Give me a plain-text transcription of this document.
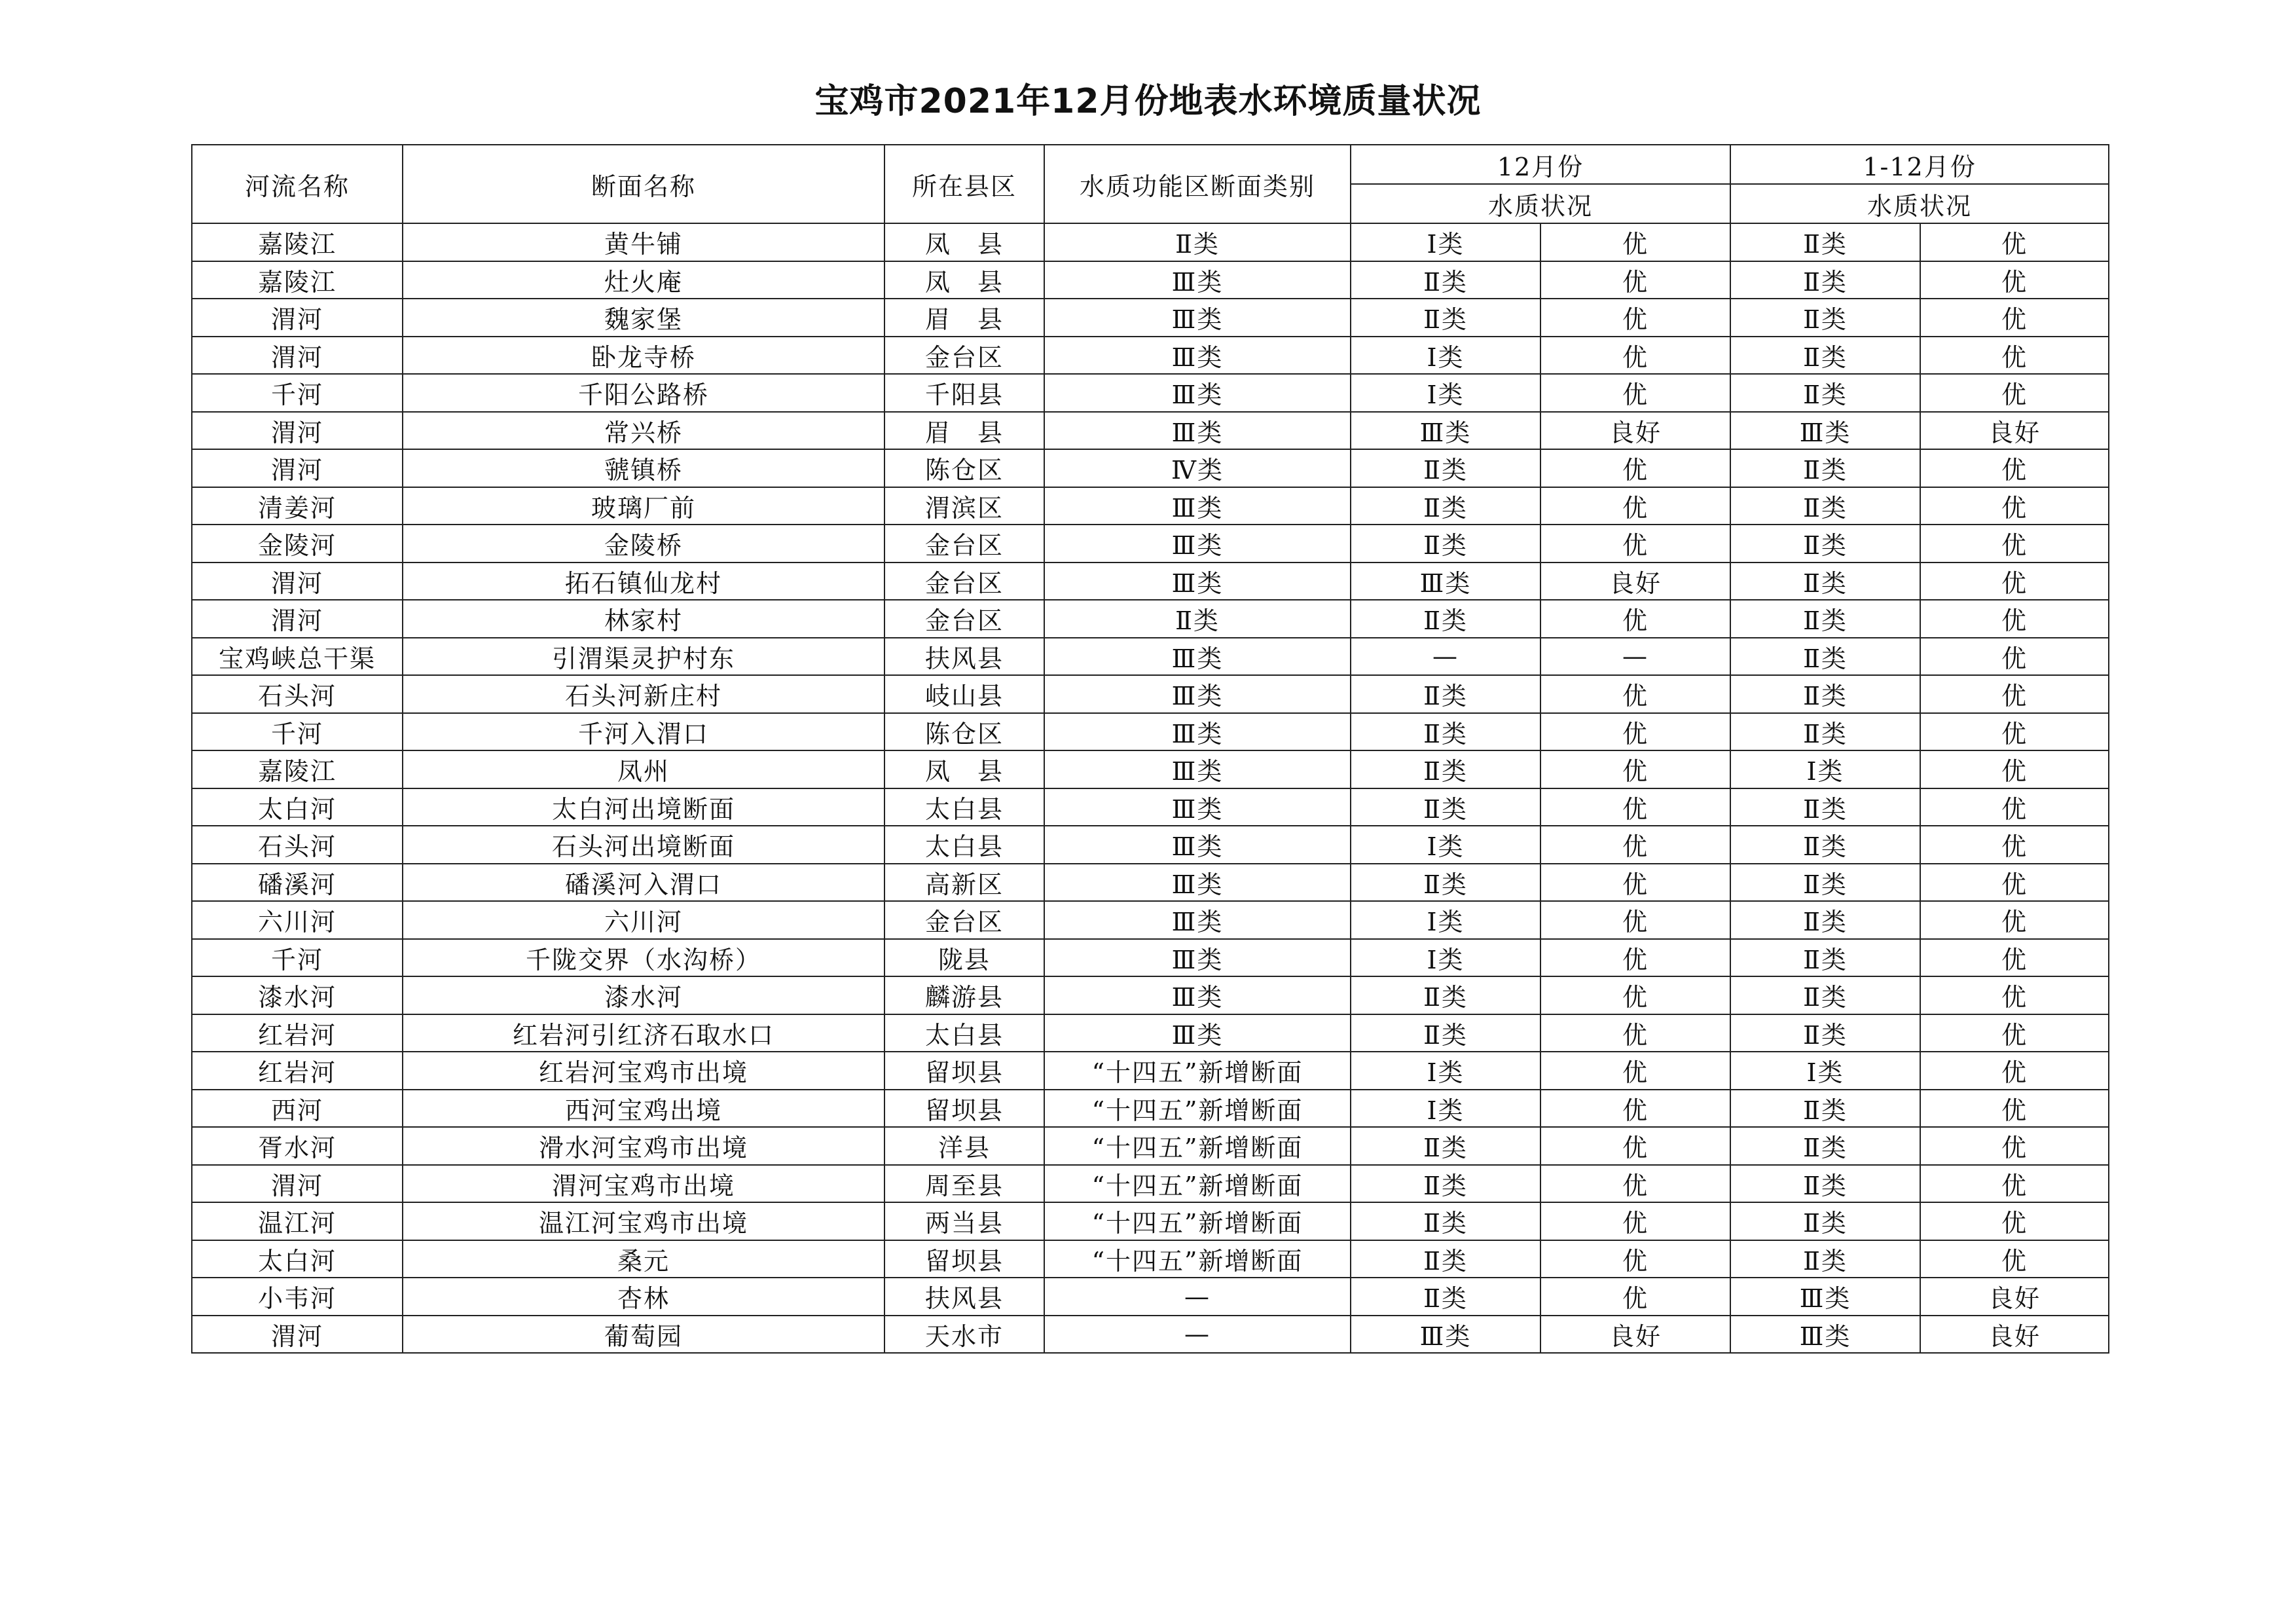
宝鸡市2021年12月份地表水环境质量状况
河流名称	断面名称	所在县区	水质功能区断面类别	12月份		1-12月份	
				水质状况		水质状况	
嘉陵江	黄牛铺	凤　县	Ⅱ类	Ⅰ类	优	Ⅱ类	优
嘉陵江	灶火庵	凤　县	Ⅲ类	Ⅱ类	优	Ⅱ类	优
渭河	魏家堡	眉　县	Ⅲ类	Ⅱ类	优	Ⅱ类	优
渭河	卧龙寺桥	金台区	Ⅲ类	Ⅰ类	优	Ⅱ类	优
千河	千阳公路桥	千阳县	Ⅲ类	Ⅰ类	优	Ⅱ类	优
渭河	常兴桥	眉　县	Ⅲ类	Ⅲ类	良好	Ⅲ类	良好
渭河	虢镇桥	陈仓区	Ⅳ类	Ⅱ类	优	Ⅱ类	优
清姜河	玻璃厂前	渭滨区	Ⅲ类	Ⅱ类	优	Ⅱ类	优
金陵河	金陵桥	金台区	Ⅲ类	Ⅱ类	优	Ⅱ类	优
渭河	拓石镇仙龙村	金台区	Ⅲ类	Ⅲ类	良好	Ⅱ类	优
渭河	林家村	金台区	Ⅱ类	Ⅱ类	优	Ⅱ类	优
宝鸡峡总干渠	引渭渠灵护村东	扶风县	Ⅲ类	—	—	Ⅱ类	优
石头河	石头河新庄村	岐山县	Ⅲ类	Ⅱ类	优	Ⅱ类	优
千河	千河入渭口	陈仓区	Ⅲ类	Ⅱ类	优	Ⅱ类	优
嘉陵江	凤州	凤　县	Ⅲ类	Ⅱ类	优	Ⅰ类	优
太白河	太白河出境断面	太白县	Ⅲ类	Ⅱ类	优	Ⅱ类	优
石头河	石头河出境断面	太白县	Ⅲ类	Ⅰ类	优	Ⅱ类	优
磻溪河	磻溪河入渭口	高新区	Ⅲ类	Ⅱ类	优	Ⅱ类	优
六川河	六川河	金台区	Ⅲ类	Ⅰ类	优	Ⅱ类	优
千河	千陇交界（水沟桥）	陇县	Ⅲ类	Ⅰ类	优	Ⅱ类	优
漆水河	漆水河	麟游县	Ⅲ类	Ⅱ类	优	Ⅱ类	优
红岩河	红岩河引红济石取水口	太白县	Ⅲ类	Ⅱ类	优	Ⅱ类	优
红岩河	红岩河宝鸡市出境	留坝县	“十四五”新增断面	Ⅰ类	优	Ⅰ类	优
西河	西河宝鸡出境	留坝县	“十四五”新增断面	Ⅰ类	优	Ⅱ类	优
胥水河	滑水河宝鸡市出境	洋县	“十四五”新增断面	Ⅱ类	优	Ⅱ类	优
渭河	渭河宝鸡市出境	周至县	“十四五”新增断面	Ⅱ类	优	Ⅱ类	优
温江河	温江河宝鸡市出境	两当县	“十四五”新增断面	Ⅱ类	优	Ⅱ类	优
太白河	桑元	留坝县	“十四五”新增断面	Ⅱ类	优	Ⅱ类	优
小韦河	杏林	扶风县	—	Ⅱ类	优	Ⅲ类	良好
渭河	葡萄园	天水市	—	Ⅲ类	良好	Ⅲ类	良好
